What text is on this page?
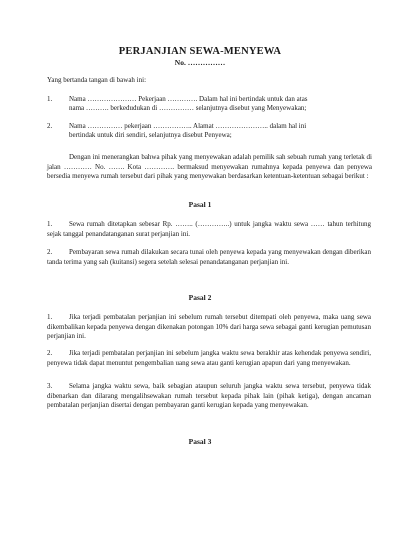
PERJANJIAN SEWA-MENYEWA
No. ……………
Yang bertanda tangan di bawah ini:
1. Nama ………………… Pekerjaan …………. Dalam hal ini bertindak untuk dan atas
nama ………. berkedudukan di …………… selanjutnya disebut yang Menyewakan;
2. Nama …………… pekerjaan …………….. Alamat ………………….. dalam hal ini
bertindak untuk diri sendiri, selanjutnya disebut Penyewa;
Dengan ini menerangkan bahwa pihak yang menyewakan adalah pemilik sah sebuah rumah yang terletak di jalan ………… No. ……. Kota …………. bermaksud menyewakan rumahnya kepada penyewa dan penyewa bersedia menyewa rumah tersebut dari pihak yang menyewakan berdasarkan ketentuan-ketentuan sebagai berikut :
Pasal 1
1.	Sewa rumah ditetapkan sebesar Rp. …….. (…………..) untuk jangka waktu sewa …… tahun terhitung sejak tanggal penandatanganan surat perjanjian ini.
2.	Pembayaran sewa rumah dilakukan secara tunai oleh penyewa kepada yang menyewakan dengan diberikan tanda terima yang sah (kuitansi) segera setelah selesai penandatanganan perjanjian ini.
Pasal 2
1.	Jika terjadi pembatalan perjanjian ini sebelum rumah tersebut ditempati oleh penyewa, maka uang sewa dikembalikan kepada penyewa dengan dikenakan potongan 10% dari harga sewa sebagai ganti kerugian pemutusan perjanjian ini.
2.	Jika terjadi pembatalan perjanjian ini sebelum jangka waktu sewa berakhir atas kehendak penyewa sendiri, penyewa tidak dapat menuntut pengembalian uang sewa atau ganti kerugian apapun dari yang menyewakan.
3.	Selama jangka waktu sewa, baik sebagian ataupun seluruh jangka waktu sewa tersebut, penyewa tidak dibenarkan dan dilarang mengalihsewakan rumah tersebut kepada pihak lain (pihak ketiga), dengan ancaman pembatalan perjanjian disertai dengan pembayaran ganti kerugian kepada yang menyewakan.
Pasal 3
